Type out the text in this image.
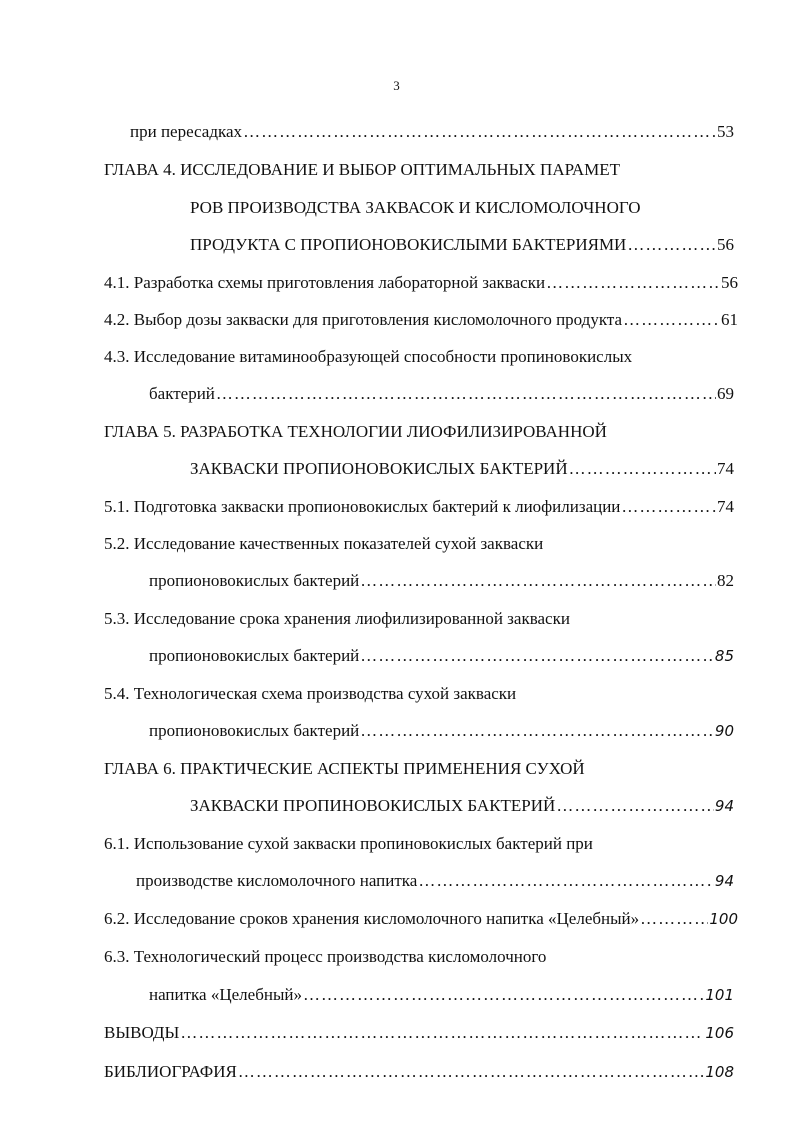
3
при пересадках ……………………………………………………………………………………………………………………………………………………………………………………………………………………	53
ГЛАВА 4. ИССЛЕДОВАНИЕ И ВЫБОР ОПТИМАЛЬНЫХ ПАРАМЕТ
РОВ ПРОИЗВОДСТВА ЗАКВАСОК И КИСЛОМОЛОЧНОГО
ПРОДУКТА С ПРОПИОНОВОКИСЛЫМИ БАКТЕРИЯМИ ……………………………………………………………………………………………………………………………………………………………………………………………………………………	56
4.1. Разработка схемы приготовления лабораторной закваски ……………………………………………………………………………………………………………………………………………………………………………………………………………………	56
4.2. Выбор дозы закваски для приготовления кисломолочного продукта ……………………………………………………………………………………………………………………………………………………………………………………………………………………	61
4.3. Исследование витаминообразующей способности пропиновокислых
бактерий ……………………………………………………………………………………………………………………………………………………………………………………………………………………	69
ГЛАВА 5. РАЗРАБОТКА ТЕХНОЛОГИИ ЛИОФИЛИЗИРОВАННОЙ
ЗАКВАСКИ ПРОПИОНОВОКИСЛЫХ БАКТЕРИЙ ……………………………………………………………………………………………………………………………………………………………………………………………………………………	74
5.1. Подготовка закваски пропионовокислых бактерий к лиофилизации ……………………………………………………………………………………………………………………………………………………………………………………………………………………	74
5.2. Исследование качественных показателей сухой закваски
пропионовокислых бактерий ……………………………………………………………………………………………………………………………………………………………………………………………………………………	82
5.3. Исследование срока хранения лиофилизированной закваски
пропионовокислых бактерий ……………………………………………………………………………………………………………………………………………………………………………………………………………………	85
5.4. Технологическая схема производства сухой закваски
пропионовокислых бактерий ……………………………………………………………………………………………………………………………………………………………………………………………………………………	90
ГЛАВА 6. ПРАКТИЧЕСКИЕ АСПЕКТЫ ПРИМЕНЕНИЯ СУХОЙ
ЗАКВАСКИ ПРОПИНОВОКИСЛЫХ БАКТЕРИЙ ……………………………………………………………………………………………………………………………………………………………………………………………………………………	94
6.1. Использование сухой закваски пропиновокислых бактерий при
производстве кисломолочного напитка ……………………………………………………………………………………………………………………………………………………………………………………………………………………	94
6.2. Исследование сроков хранения кисломолочного напитка «Целебный» ……………………………………………………………………………………………………………………………………………………………………………………………………………………	100
6.3. Технологический процесс производства кисломолочного
напитка «Целебный» ……………………………………………………………………………………………………………………………………………………………………………………………………………………	101
ВЫВОДЫ ……………………………………………………………………………………………………………………………………………………………………………………………………………………	106
БИБЛИОГРАФИЯ ……………………………………………………………………………………………………………………………………………………………………………………………………………………	108
